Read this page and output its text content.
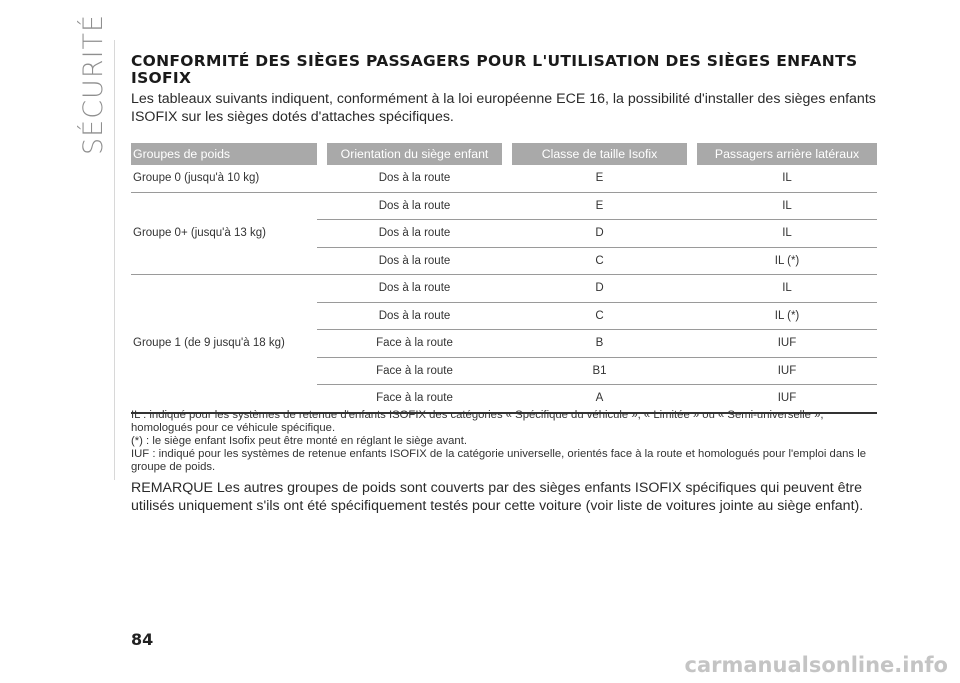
SÉCURITÉ CONFORMITÉ DES SIÈGES PASSAGERS POUR L'UTILISATION DES SIÈGES ENFANTS ISOFIX

Les tableaux suivants indiquent, conformément à la loi européenne ECE 16, la possibilité d'installer des sièges enfants ISOFIX sur les sièges dotés d'attaches spécifiques.

Groupes de poids		Orientation du siège enfant		Classe de taille Isofix		Passagers arrière latéraux
Groupe 0 (jusqu'à 10 kg)		Dos à la route		E		IL
Groupe 0+ (jusqu'à 13 kg)		Dos à la route		E		IL
		Dos à la route		D		IL
		Dos à la route		C		IL (*)
Groupe 1 (de 9 jusqu'à 18 kg)		Dos à la route		D		IL
		Dos à la route		C		IL (*)
		Face à la route		B		IUF
		Face à la route		B1		IUF
		Face à la route		A		IUF

IL : indiqué pour les systèmes de retenue d'enfants ISOFIX des catégories « Spécifique du véhicule », « Limitée » ou « Semi-universelle », homologués pour ce véhicule spécifique.

(*) : le siège enfant Isofix peut être monté en réglant le siège avant.

IUF : indiqué pour les systèmes de retenue enfants ISOFIX de la catégorie universelle, orientés face à la route et homologués pour l'emploi dans le groupe de poids.

REMARQUE Les autres groupes de poids sont couverts par des sièges enfants ISOFIX spécifiques qui peuvent être utilisés uniquement s'ils ont été spécifiquement testés pour cette voiture (voir liste de voitures jointe au siège enfant).

84
carmanualsonline.info
